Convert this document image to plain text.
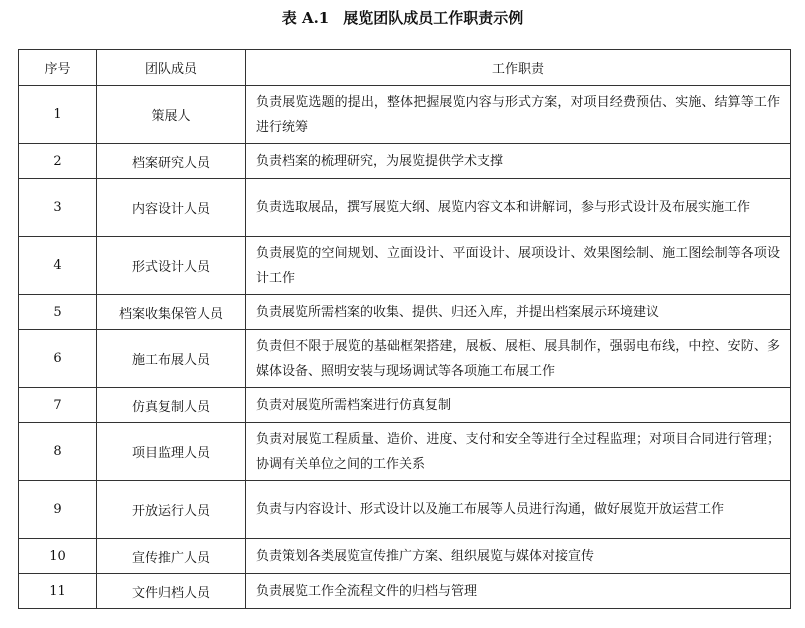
表 A.1 展览团队成员工作职责示例
序号	团队成员	工作职责
1	策展人	负责展览选题的提出，整体把握展览内容与形式方案，对项目经费预估、实施、结算等工作进行统筹
2	档案研究人员	负责档案的梳理研究，为展览提供学术支撑
3	内容设计人员	负责选取展品，撰写展览大纲、展览内容文本和讲解词，参与形式设计及布展实施工作
4	形式设计人员	负责展览的空间规划、立面设计、平面设计、展项设计、效果图绘制、施工图绘制等各项设计工作
5	档案收集保管人员	负责展览所需档案的收集、提供、归还入库，并提出档案展示环境建议
6	施工布展人员	负责但不限于展览的基础框架搭建，展板、展柜、展具制作，强弱电布线，中控、安防、多媒体设备、照明安装与现场调试等各项施工布展工作
7	仿真复制人员	负责对展览所需档案进行仿真复制
8	项目监理人员	负责对展览工程质量、造价、进度、支付和安全等进行全过程监理；对项目合同进行管理；协调有关单位之间的工作关系
9	开放运行人员	负责与内容设计、形式设计以及施工布展等人员进行沟通，做好展览开放运营工作
10	宣传推广人员	负责策划各类展览宣传推广方案、组织展览与媒体对接宣传
11	文件归档人员	负责展览工作全流程文件的归档与管理
